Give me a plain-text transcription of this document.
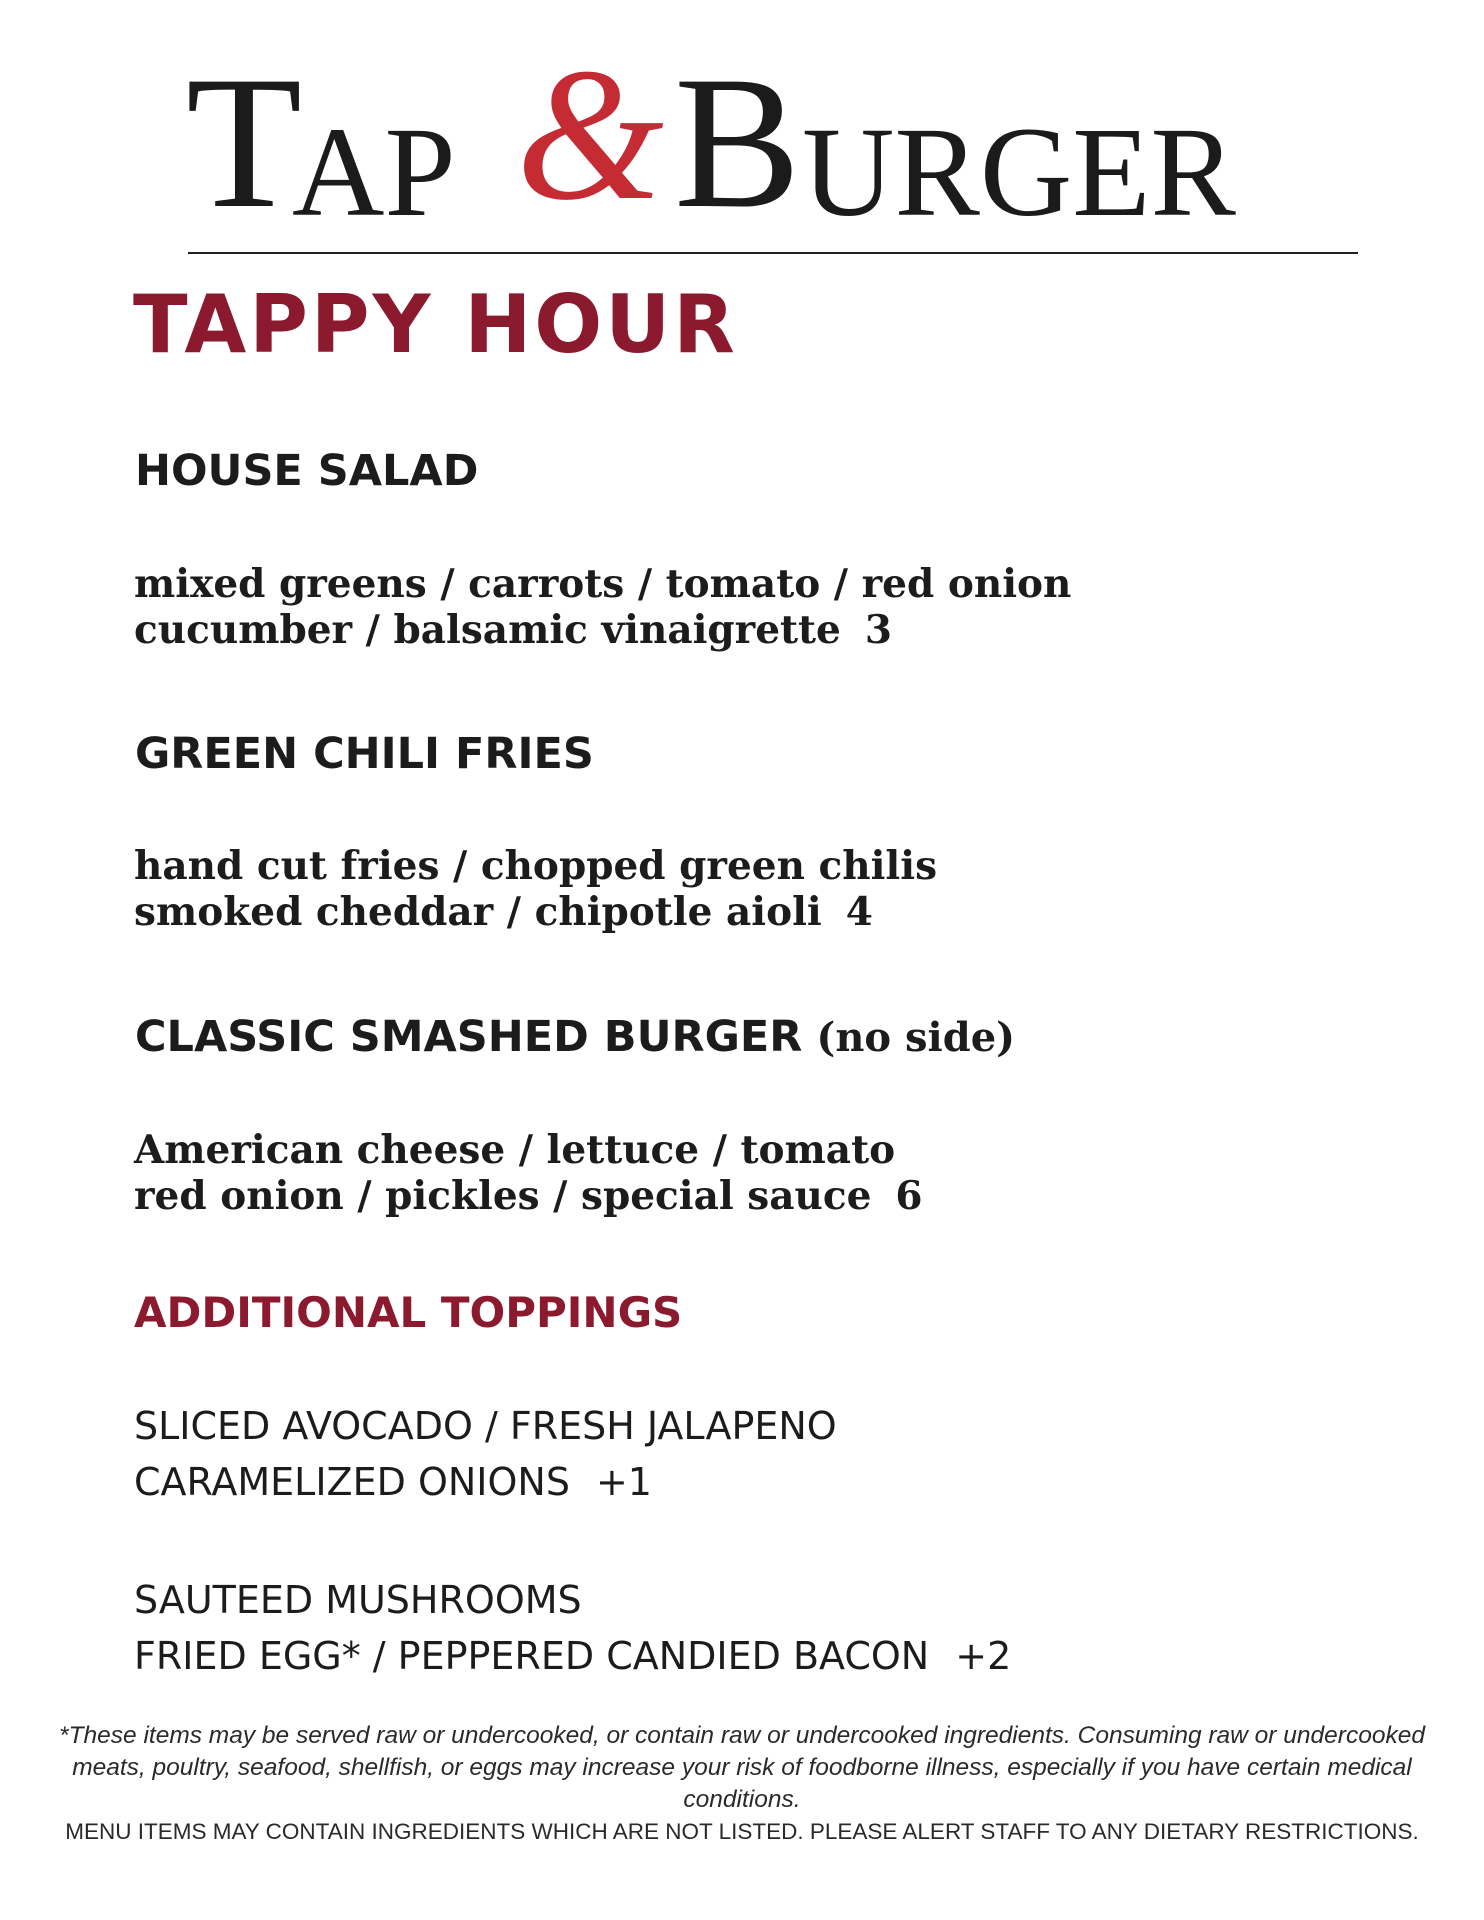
T
AP & B URGER
TAPPY HOUR
HOUSE SALAD

mixed greens / carrots / tomato / red onion
cucumber / balsamic vinaigrette 3

GREEN CHILI FRIES

hand cut fries / chopped green chilis
smoked cheddar / chipotle aioli 4

CLASSIC SMASHED BURGER (no side)

American cheese / lettuce / tomato
red onion / pickles / special sauce 6

ADDITIONAL TOPPINGS

SLICED AVOCADO / FRESH JALAPENO
CARAMELIZED ONIONS +1

SAUTEED MUSHROOMS
FRIED EGG* / PEPPERED CANDIED BACON +2

*These items may be served raw or undercooked, or contain raw or undercooked ingredients. Consuming raw or undercooked meats, poultry, seafood, shellfish, or eggs may increase your risk of foodborne illness, especially if you have certain medical conditions.

MENU ITEMS MAY CONTAIN INGREDIENTS WHICH ARE NOT LISTED. PLEASE ALERT STAFF TO ANY DIETARY RESTRICTIONS.
